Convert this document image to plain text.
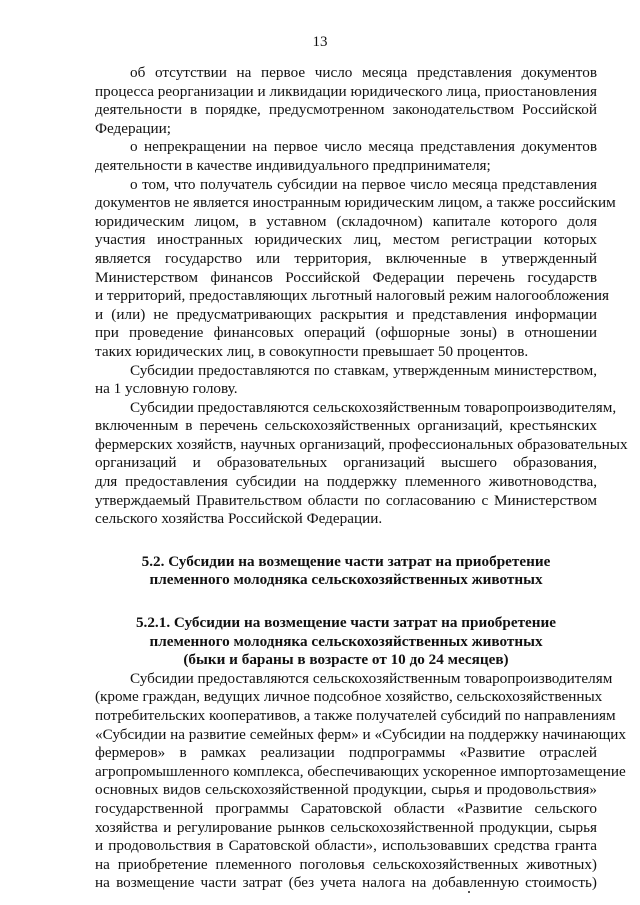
13
об отсутствии на первое число месяца представления документов
процесса реорганизации и ликвидации юридического лица, приостановления
деятельности в порядке, предусмотренном законодательством Российской
Федерации;
о непрекращении на первое число месяца представления документов
деятельности в качестве индивидуального предпринимателя;
о том, что получатель субсидии на первое число месяца представления
документов не является иностранным юридическим лицом, а также российским
юридическим лицом, в уставном (складочном) капитале которого доля
участия иностранных юридических лиц, местом регистрации которых
является государство или территория, включенные в утвержденный
Министерством финансов Российской Федерации перечень государств
и территорий, предоставляющих льготный налоговый режим налогообложения
и (или) не предусматривающих раскрытия и представления информации
при проведение финансовых операций (офшорные зоны) в отношении
таких юридических лиц, в совокупности превышает 50 процентов.
Субсидии предоставляются по ставкам, утвержденным министерством,
на 1 условную голову.
Субсидии предоставляются сельскохозяйственным товаропроизводителям,
включенным в перечень сельскохозяйственных организаций, крестьянских
фермерских хозяйств, научных организаций, профессиональных образовательных
организаций и образовательных организаций высшего образования,
для предоставления субсидии на поддержку племенного животноводства,
утверждаемый Правительством области по согласованию с Министерством
сельского хозяйства Российской Федерации.
5.2. Субсидии на возмещение части затрат на приобретение
племенного молодняка сельскохозяйственных животных
5.2.1. Субсидии на возмещение части затрат на приобретение
племенного молодняка сельскохозяйственных животных
(быки и бараны в возрасте от 10 до 24 месяцев)
Субсидии предоставляются сельскохозяйственным товаропроизводителям
(кроме граждан, ведущих личное подсобное хозяйство, сельскохозяйственных
потребительских кооперативов, а также получателей субсидий по направлениям
«Субсидии на развитие семейных ферм» и «Субсидии на поддержку начинающих
фермеров» в рамках реализации подпрограммы «Развитие отраслей
агропромышленного комплекса, обеспечивающих ускоренное импортозамещение
основных видов сельскохозяйственной продукции, сырья и продовольствия»
государственной программы Саратовской области «Развитие сельского
хозяйства и регулирование рынков сельскохозяйственной продукции, сырья
и продовольствия в Саратовской области», использовавших средства гранта
на приобретение племенного поголовья сельскохозяйственных животных)
на возмещение части затрат (без учета налога на добавленную стоимость)
